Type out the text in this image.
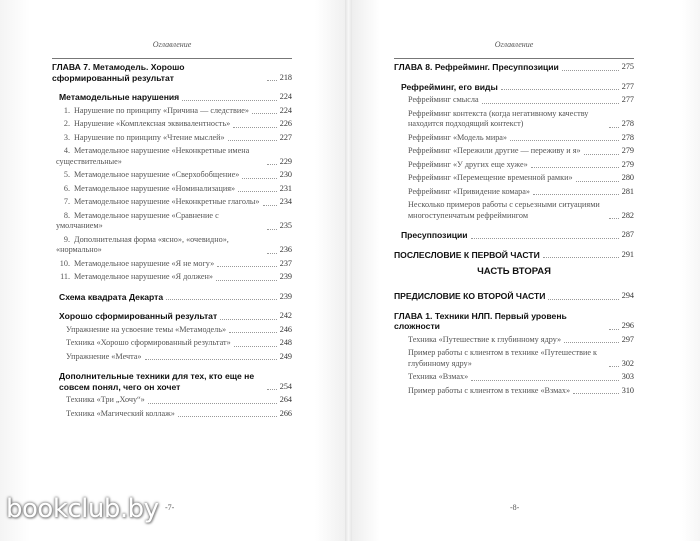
Оглавление
ГЛАВА 7. Метамодель. Хорошо сформированный результат	218
Метамодельные нарушения	224
1. Нарушение по принципу «Причина — следствие»	224
2. Нарушение «Комплексная эквивалентность»	226
3. Нарушение по принципу «Чтение мыслей»	227
4. Метамодельное нарушение «Неконкретные имена существительные»	229
5. Метамодельное нарушение «Сверхобобщение»	230
6. Метамодельное нарушение «Номинализация»	231
7. Метамодельное нарушение «Неконкретные глаголы» 234
8. Метамодельное нарушение «Сравнение с умолчанием»	235
9. Дополнительная форма «ясно», «очевидно», «нормально»	236
10. Метамодельное нарушение «Я не могу»	237
11. Метамодельное нарушение «Я должен»	239
Схема квадрата Декарта	239
Хорошо сформированный результат	242
Упражнение на усвоение темы «Метамодель»	246
Техника «Хорошо сформированный результат»	248
Упражнение «Мечта»	249
Дополнительные техники для тех, кто еще не совсем понял, чего он хочет	254
Техника «Три „Хочу“»	264
Техника «Магический коллаж»	266
-7-
Оглавление
ГЛАВА 8. Рефрейминг. Пресуппозиции	275
Рефрейминг, его виды	277
Рефрейминг смысла	277
Рефрейминг контекста (когда негативному качеству находится подходящий контекст)	278
Рефрейминг «Модель мира»	278
Рефрейминг «Пережили другие — переживу и я»	279
Рефрейминг «У других еще хуже»	279
Рефрейминг «Перемещение временной рамки»	280
Рефрейминг «Привидение комара»	281
Несколько примеров работы с серьезными ситуациями многоступенчатым рефреймингом	282
Пресуппозиции	287
ПОСЛЕСЛОВИЕ К ПЕРВОЙ ЧАСТИ	291
ЧАСТЬ ВТОРАЯ
ПРЕДИСЛОВИЕ КО ВТОРОЙ ЧАСТИ	294
ГЛАВА 1. Техники НЛП. Первый уровень сложности	296
Техника «Путешествие к глубинному ядру»	297
Пример работы с клиентом в технике «Путешествие к глубинному ядру»	302
Техника «Взмах»	303
Пример работы с клиентом в технике «Взмах»	310
-8-
bookclub.by
